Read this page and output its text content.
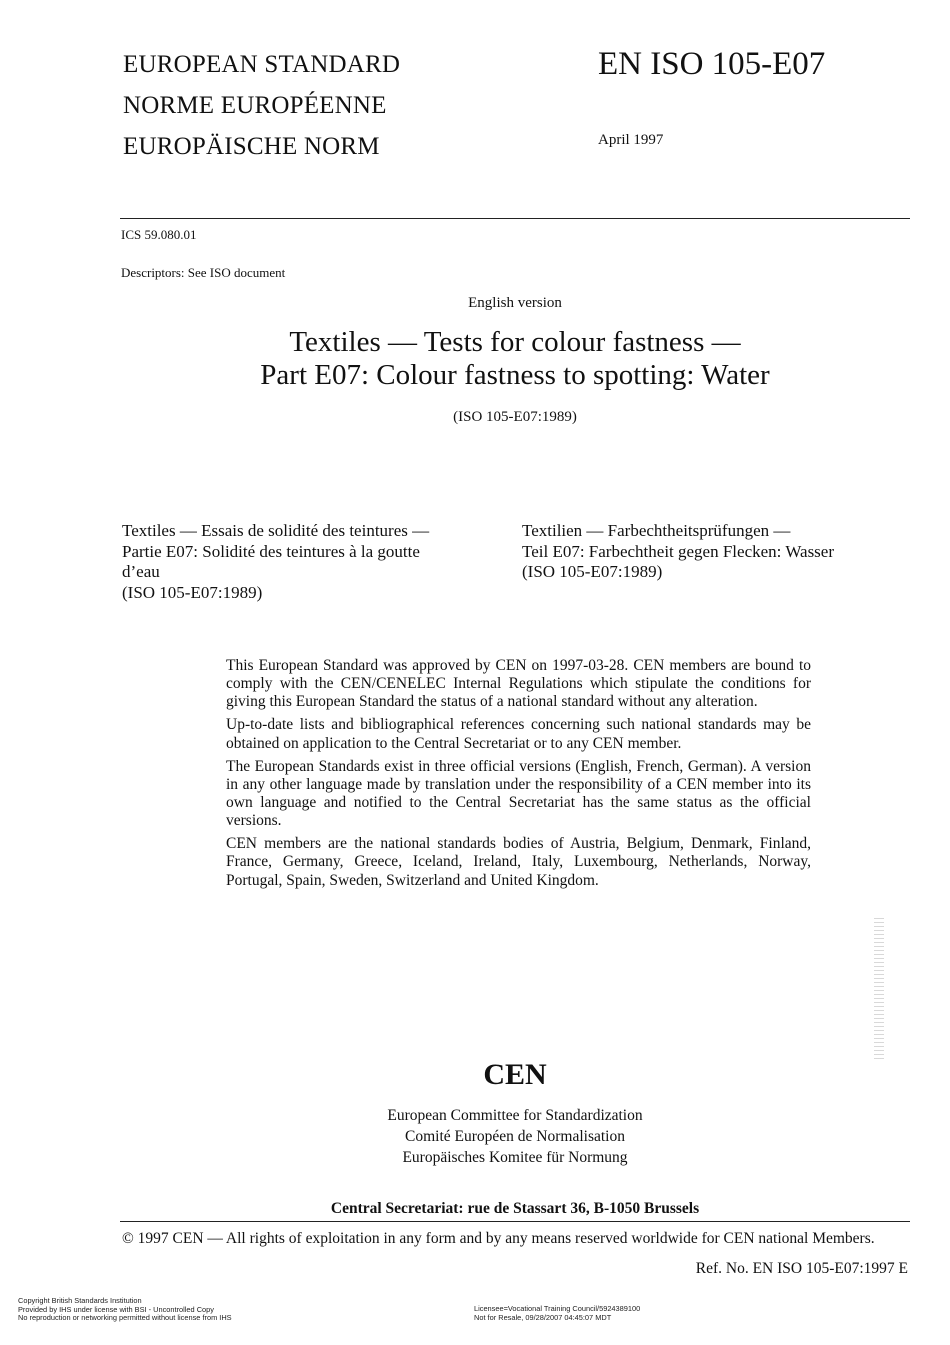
EUROPEAN STANDARD
NORME EUROPÉENNE
EUROPÄISCHE NORM
EN ISO 105-E07
April 1997
ICS 59.080.01
Descriptors: See ISO document
English version
Textiles — Tests for colour fastness —
Part E07: Colour fastness to spotting: Water
(ISO 105-E07:1989)
Textiles — Essais de solidité des teintures —
Partie E07: Solidité des teintures à la goutte
d’eau
(ISO 105-E07:1989)
Textilien — Farbechtheitsprüfungen —
Teil E07: Farbechtheit gegen Flecken: Wasser
(ISO 105-E07:1989)

This European Standard was approved by CEN on 1997-03-28. CEN members are bound to comply with the CEN/CENELEC Internal Regulations which stipulate the conditions for giving this European Standard the status of a national standard without any alteration.

Up-to-date lists and bibliographical references concerning such national standards may be obtained on application to the Central Secretariat or to any CEN member.

The European Standards exist in three official versions (English, French, German). A version in any other language made by translation under the responsibility of a CEN member into its own language and notified to the Central Secretariat has the same status as the official versions.

CEN members are the national standards bodies of Austria, Belgium, Denmark, Finland, France, Germany, Greece, Iceland, Ireland, Italy, Luxembourg, Netherlands, Norway, Portugal, Spain, Sweden, Switzerland and United Kingdom.

CEN
European Committee for Standardization
Comité Européen de Normalisation
Europäisches Komitee für Normung
Central Secretariat: rue de Stassart 36, B-1050 Brussels
© 1997 CEN — All rights of exploitation in any form and by any means reserved worldwide for CEN national Members.
Ref. No. EN ISO 105-E07:1997 E
Copyright British Standards Institution
Provided by IHS under license with BSI - Uncontrolled Copy
No reproduction or networking permitted without license from IHS
Licensee=Vocational Training Council/5924389100
Not for Resale, 09/28/2007 04:45:07 MDT
